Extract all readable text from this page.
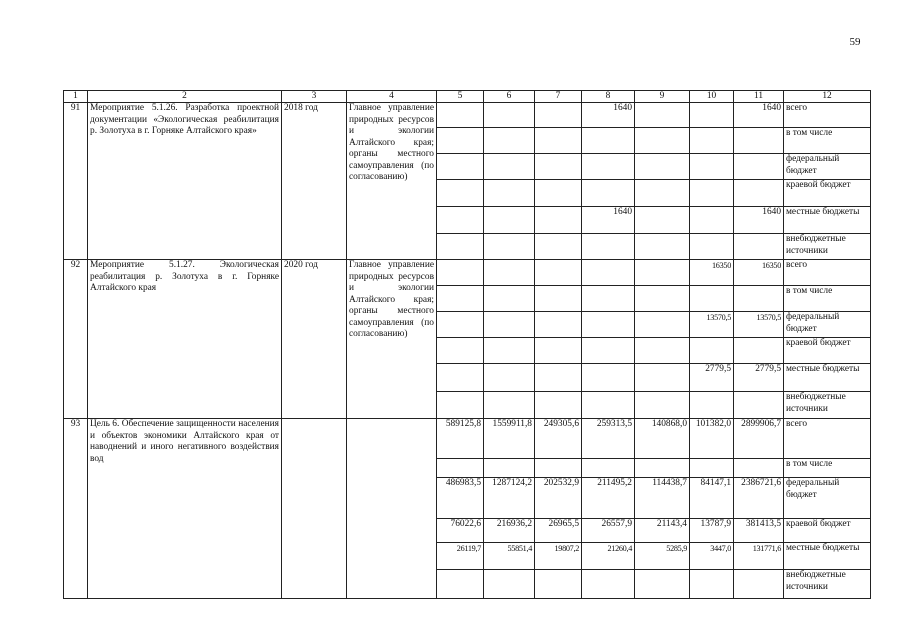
59
1	2	3	4	5	6	7	8	9	10	11	12
91	Мероприятие 5.1.26. Разработка проектной документации «Экологическая реабилитация р. Золотуха в г. Горняке Алтайского края»	2018 год	Главное управление природных ресурсов и экологии Алтайского края; органы местного самоуправления (по согласованию)				1640			1640	всего
											в том числе
											федеральный бюджет
											краевой бюджет
							1640			1640	местные бюджеты
											внебюджетные источники
92	Мероприятие 5.1.27. Экологическая реабилитация р. Золотуха в г. Горняке Алтайского края	2020 год	Главное управление природных ресурсов и экологии Алтайского края; органы местного самоуправления (по согласованию)						16350	16350	всего
											в том числе
									13570,5	13570,5	федеральный бюджет
											краевой бюджет
									2779,5	2779,5	местные бюджеты
											внебюджетные источники
93	Цель 6. Обеспечение защищенности населения и объектов экономики Алтайского края от наводнений и иного негативного воздействия вод			589125,8	1559911,8	249305,6	259313,5	140868,0	101382,0	2899906,7	всего
											в том числе
				486983,5	1287124,2	202532,9	211495,2	114438,7	84147,1	2386721,6	федеральный бюджет
				76022,6	216936,2	26965,5	26557,9	21143,4	13787,9	381413,5	краевой бюджет
				26119,7	55851,4	19807,2	21260,4	5285,9	3447,0	131771,6	местные бюджеты
											внебюджетные источники
